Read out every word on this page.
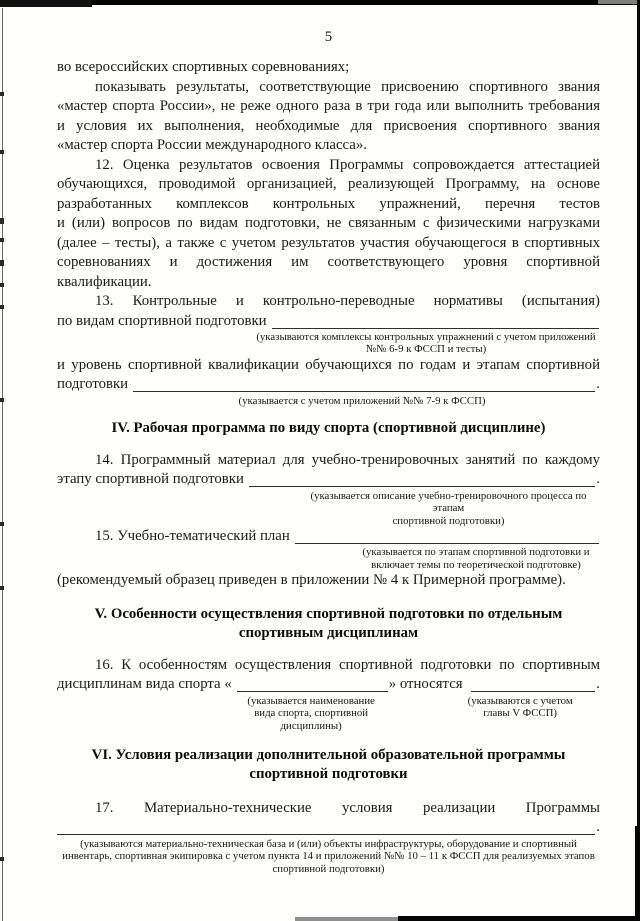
5
во всероссийских спортивных соревнованиях;
показывать результаты, соответствующие присвоению спортивного звания
«мастер спорта России», не реже одного раза в три года или выполнить требования
и условия их выполнения, необходимые для присвоения спортивного звания
«мастер спорта России международного класса».
12. Оценка результатов освоения Программы сопровождается аттестацией
обучающихся, проводимой организацией, реализующей Программу, на основе
разработанных комплексов контрольных упражнений, перечня тестов
и (или) вопросов по видам подготовки, не связанным с физическими нагрузками
(далее – тесты), а также с учетом результатов участия обучающегося в спортивных
соревнованиях и достижения им соответствующего уровня спортивной
квалификации.
13. Контрольные и контрольно-переводные нормативы (испытания)
по видам спортивной подготовки
(указываются комплексы контрольных упражнений с учетом приложений
№№ 6-9 к ФССП и тесты)
и уровень спортивной квалификации обучающихся по годам и этапам спортивной
подготовки	.
(указывается с учетом приложений №№ 7-9 к ФССП)
IV. Рабочая программа по виду спорта (спортивной дисциплине)
14. Программный материал для учебно-тренировочных занятий по каждому
этапу спортивной подготовки	.
(указывается описание учебно-тренировочного процесса по этапам
спортивной подготовки)
15. Учебно-тематический план
(указывается по этапам спортивной подготовки и
включает темы по теоретической подготовке)
(рекомендуемый образец приведен в приложении № 4 к Примерной программе).
V. Особенности осуществления спортивной подготовки по отдельным спортивным дисциплинам
16. К особенностям осуществления спортивной подготовки по спортивным
дисциплинам вида спорта «	» относятся	.
(указывается наименование
вида спорта, спортивной
дисциплины)
(указываются с учетом
главы V ФССП)
VI. Условия реализации дополнительной образовательной программы спортивной подготовки
17. Материально-технические условия реализации Программы
.
(указываются материально-техническая база и (или) объекты инфраструктуры, оборудование и спортивный
инвентарь, спортивная экипировка с учетом пункта 14 и приложений №№ 10 – 11 к ФССП для реализуемых этапов
спортивной подготовки)
